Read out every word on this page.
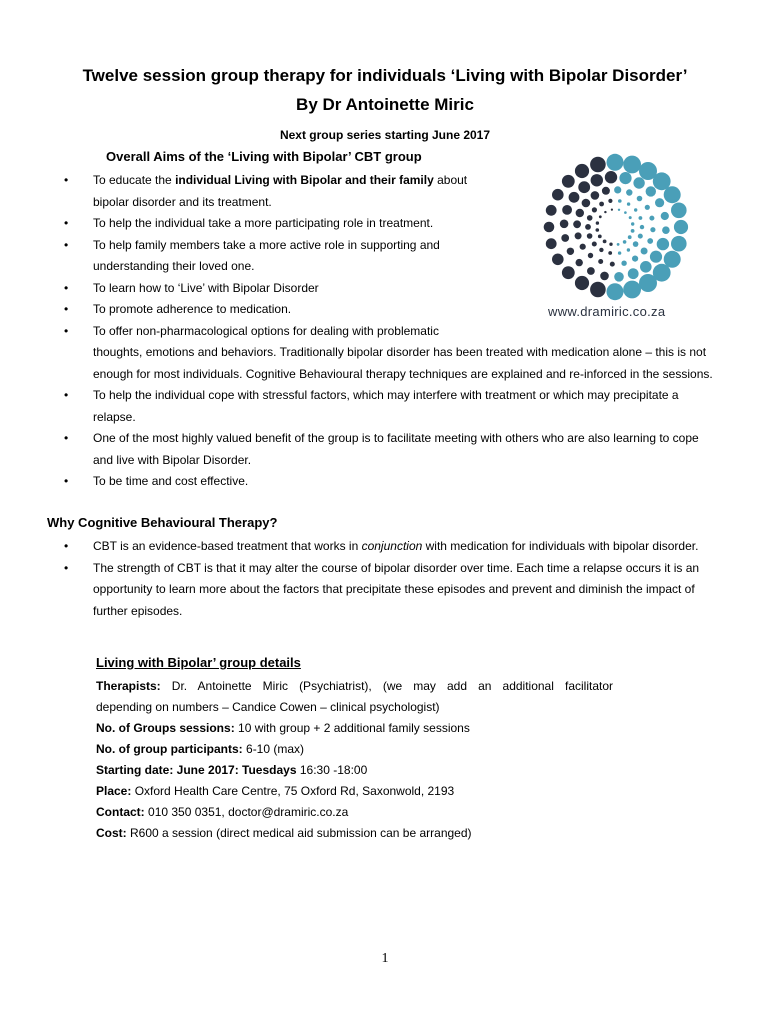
Twelve session group therapy for individuals ‘Living with Bipolar Disorder’
By Dr Antoinette Miric
Next group series starting June 2017
Overall Aims of the ‘Living with Bipolar’ CBT group
• To educate the individual Living with Bipolar and their family about bipolar disorder and its treatment.
• To help the individual take a more participating role in treatment.
• To help family members take a more active role in supporting and understanding their loved one.
• To learn how to ‘Live’ with Bipolar Disorder
• To promote adherence to medication.
• To offer non-pharmacological options for dealing with problematic
thoughts, emotions and behaviors. Traditionally bipolar disorder has been treated with medication alone – this is not enough for most individuals. Cognitive Behavioural therapy techniques are explained and re-inforced in the sessions.
• To help the individual cope with stressful factors, which may interfere with treatment or which may precipitate a relapse.
• One of the most highly valued benefit of the group is to facilitate meeting with others who are also learning to cope and live with Bipolar Disorder.
• To be time and cost effective.
www.dramiric.co.za
Why Cognitive Behavioural Therapy?
• CBT is an evidence-based treatment that works in conjunction with medication for individuals with bipolar disorder.
• The strength of CBT is that it may alter the course of bipolar disorder over time. Each time a relapse occurs it is an opportunity to learn more about the factors that precipitate these episodes and prevent and diminish the impact of further episodes.
Living with Bipolar’ group details
Therapists: Dr. Antoinette Miric (Psychiatrist), (we may add an additional facilitator
depending on numbers – Candice Cowen – clinical psychologist)
No. of Groups sessions: 10 with group + 2 additional family sessions
No. of group participants: 6-10 (max)
Starting date: June 2017: Tuesdays 16:30 -18:00
Place: Oxford Health Care Centre, 75 Oxford Rd, Saxonwold, 2193
Contact: 010 350 0351, doctor@dramiric.co.za
Cost: R600 a session (direct medical aid submission can be arranged)
1
